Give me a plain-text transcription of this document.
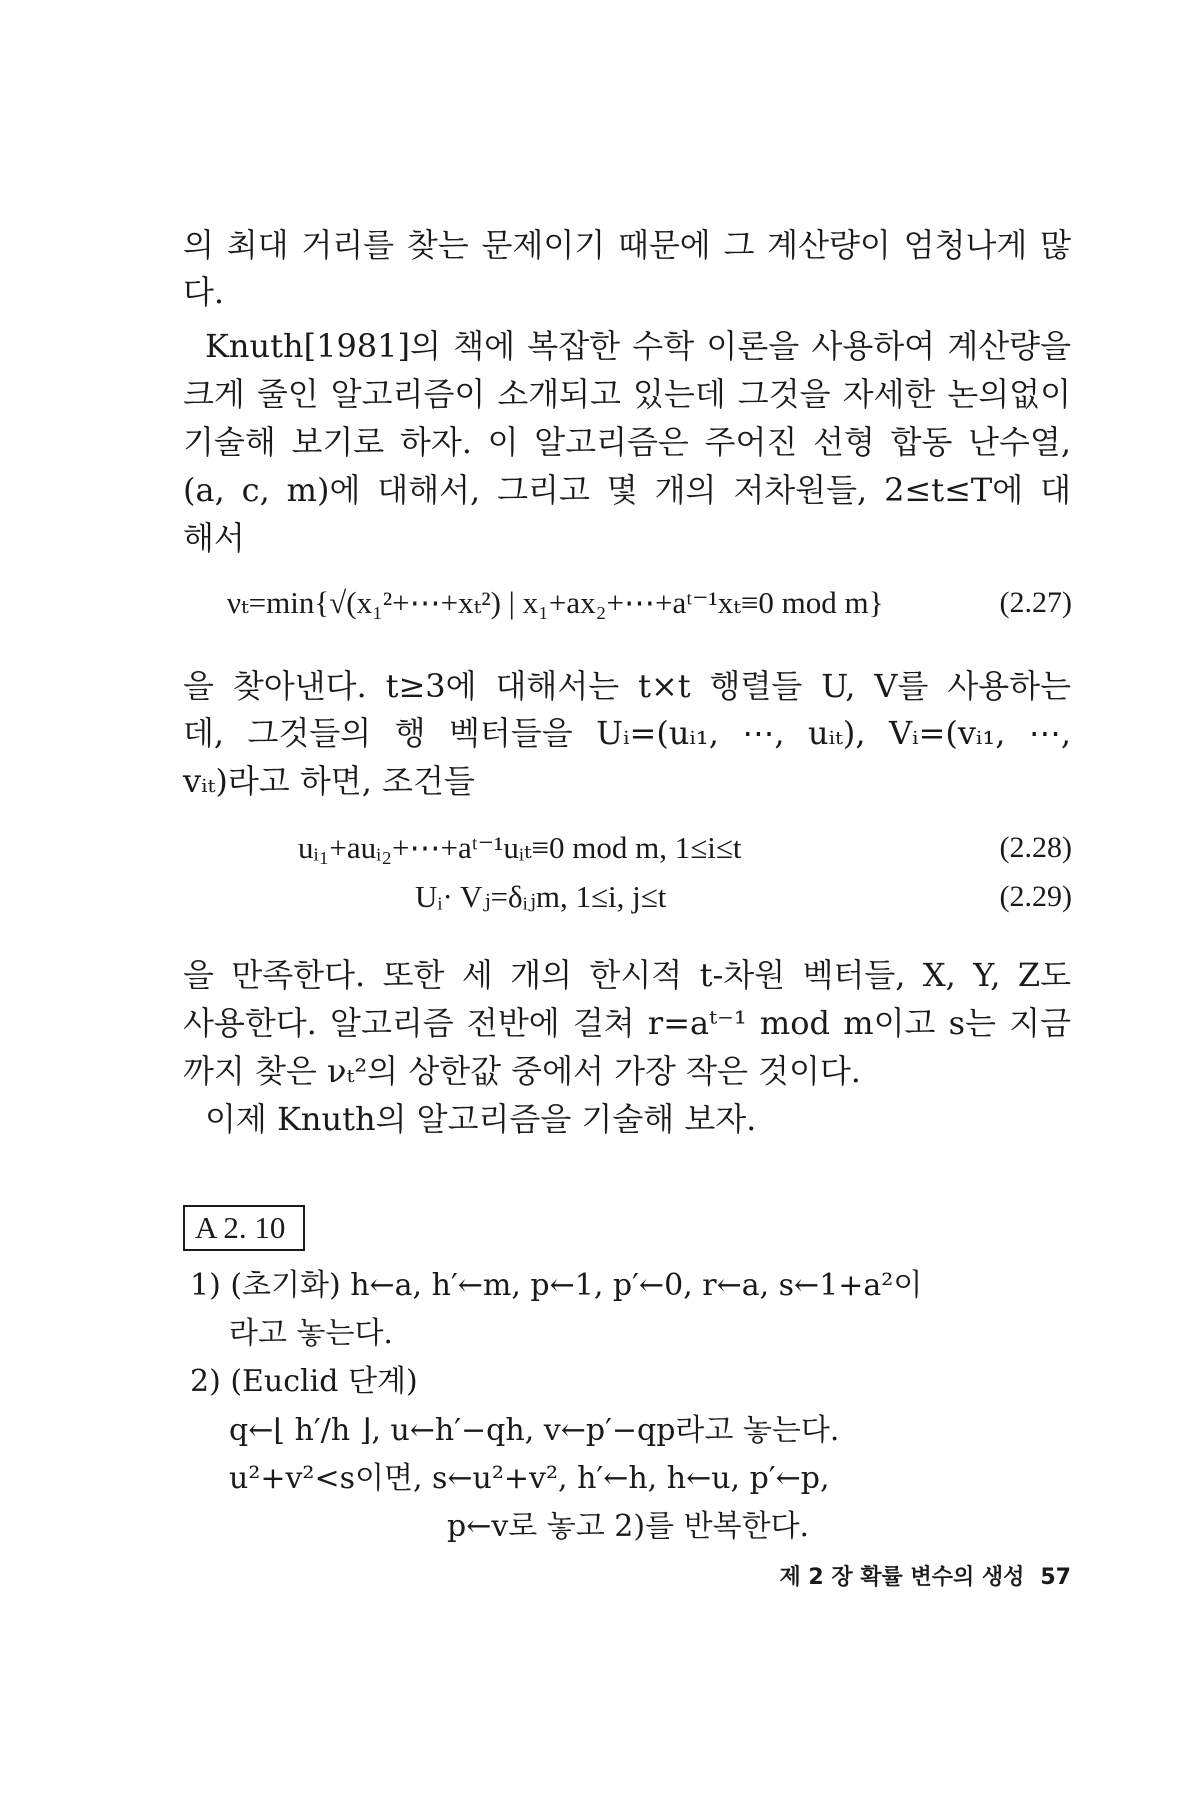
의 최대 거리를 찾는 문제이기 때문에 그 계산량이 엄청나게 많
다.
Knuth[1981]의 책에 복잡한 수학 이론을 사용하여 계산량을
크게 줄인 알고리즘이 소개되고 있는데 그것을 자세한 논의없이
기술해 보기로 하자. 이 알고리즘은 주어진 선형 합동 난수열,
(a, c, m)에 대해서, 그리고 몇 개의 저차원들, 2≤t≤T에 대
해서
νₜ=min{√(x₁²+⋯+xₜ²) | x₁+ax₂+⋯+aᵗ⁻¹xₜ≡0 mod m}	(2.27)
을 찾아낸다. t≥3에 대해서는 t×t 행렬들 U, V를 사용하는
데, 그것들의 행 벡터들을 Uᵢ=(uᵢ₁, ⋯, uᵢₜ), Vᵢ=(vᵢ₁, ⋯,
vᵢₜ)라고 하면, 조건들
uᵢ₁+auᵢ₂+⋯+aᵗ⁻¹uᵢₜ≡0 mod m, 1≤i≤t	(2.28)
Uᵢ· Vⱼ=δᵢⱼm, 1≤i, j≤t	(2.29)
을 만족한다. 또한 세 개의 한시적 t-차원 벡터들, X, Y, Z도
사용한다. 알고리즘 전반에 걸쳐 r=aᵗ⁻¹ mod m이고 s는 지금
까지 찾은 νₜ²의 상한값 중에서 가장 작은 것이다.
이제 Knuth의 알고리즘을 기술해 보자.
A 2. 10
1) (초기화) h←a, h′←m, p←1, p′←0, r←a, s←1+a²이
라고 놓는다.
2) (Euclid 단계)
q←⌊ h′/h ⌋, u←h′−qh, v←p′−qp라고 놓는다.
u²+v²<s이면, s←u²+v², h′←h, h←u, p′←p,
p←v로 놓고 2)를 반복한다.
제 2 장 확률 변수의 생성 57
